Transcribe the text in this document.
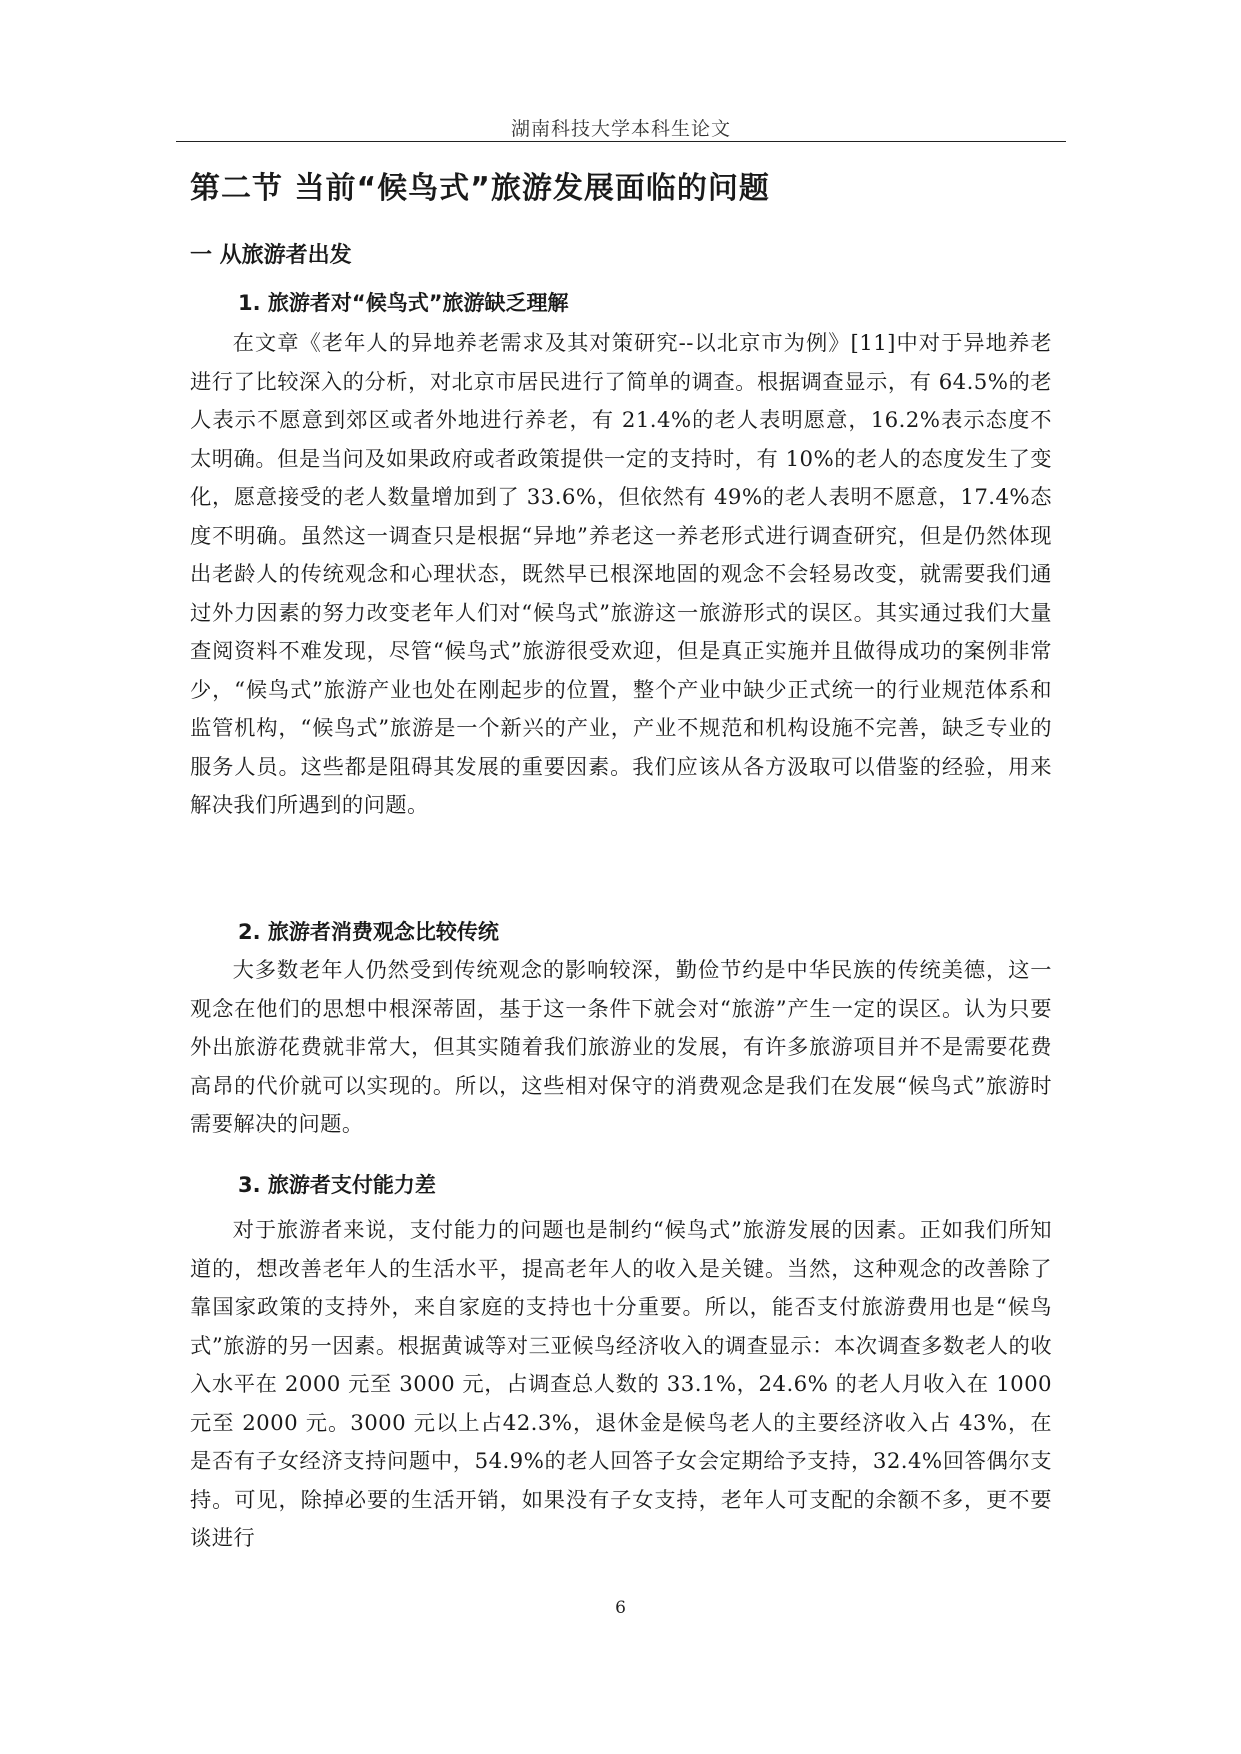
湖南科技大学本科生论文
第二节 当前“候鸟式”旅游发展面临的问题
一 从旅游者出发
1. 旅游者对“候鸟式”旅游缺乏理解

在文章《老年人的异地养老需求及其对策研究--以北京市为例》[11]中对于异地养老进行了比较深入的分析，对北京市居民进行了简单的调查。根据调查显示，有 64.5%的老人表示不愿意到郊区或者外地进行养老，有 21.4%的老人表明愿意，16.2%表示态度不太明确。但是当问及如果政府或者政策提供一定的支持时，有 10%的老人的态度发生了变化，愿意接受的老人数量增加到了 33.6%，但依然有 49%的老人表明不愿意，17.4%态度不明确。虽然这一调查只是根据“异地”养老这一养老形式进行调查研究，但是仍然体现出老龄人的传统观念和心理状态，既然早已根深地固的观念不会轻易改变，就需要我们通过外力因素的努力改变老年人们对“候鸟式”旅游这一旅游形式的误区。其实通过我们大量查阅资料不难发现，尽管“候鸟式”旅游很受欢迎，但是真正实施并且做得成功的案例非常少，“候鸟式”旅游产业也处在刚起步的位置，整个产业中缺少正式统一的行业规范体系和监管机构，“候鸟式”旅游是一个新兴的产业，产业不规范和机构设施不完善，缺乏专业的服务人员。这些都是阻碍其发展的重要因素。我们应该从各方汲取可以借鉴的经验，用来解决我们所遇到的问题。

2. 旅游者消费观念比较传统

大多数老年人仍然受到传统观念的影响较深，勤俭节约是中华民族的传统美德，这一观念在他们的思想中根深蒂固，基于这一条件下就会对“旅游”产生一定的误区。认为只要外出旅游花费就非常大，但其实随着我们旅游业的发展，有许多旅游项目并不是需要花费高昂的代价就可以实现的。所以，这些相对保守的消费观念是我们在发展“候鸟式”旅游时需要解决的问题。

3. 旅游者支付能力差

对于旅游者来说，支付能力的问题也是制约“候鸟式”旅游发展的因素。正如我们所知道的，想改善老年人的生活水平，提高老年人的收入是关键。当然，这种观念的改善除了靠国家政策的支持外，来自家庭的支持也十分重要。所以，能否支付旅游费用也是“候鸟式”旅游的另一因素。根据黄诚等对三亚候鸟经济收入的调查显示：本次调查多数老人的收入水平在 2000 元至 3000 元，占调查总人数的 33.1%，24.6% 的老人月收入在 1000 元至 2000 元。3000 元以上占42.3%，退休金是候鸟老人的主要经济收入占 43%，在是否有子女经济支持问题中，54.9%的老人回答子女会定期给予支持，32.4%回答偶尔支持。可见，除掉必要的生活开销，如果没有子女支持，老年人可支配的余额不多，更不要谈进行

6
